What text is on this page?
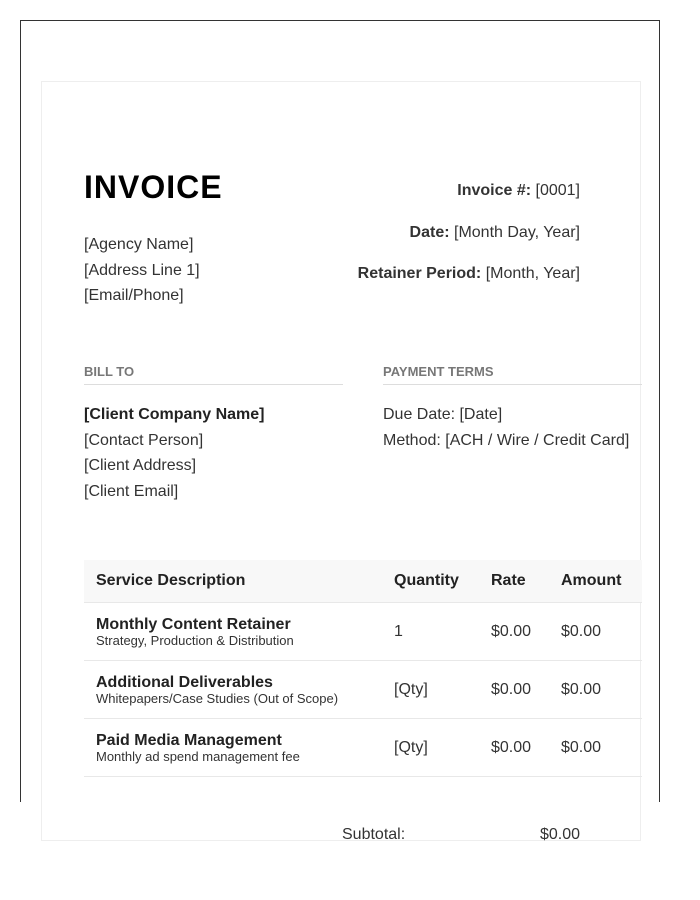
INVOICE
[Agency Name]
[Address Line 1]
[Email/Phone]
Invoice #: [0001]
Date: [Month Day, Year]
Retainer Period: [Month, Year]
BILL TO
[Client Company Name]
[Contact Person]
[Client Address]
[Client Email]
PAYMENT TERMS
Due Date: [Date]
Method: [ACH / Wire / Credit Card]
Service Description	Quantity	Rate	Amount

Monthly Content Retainer
Strategy, Production & Distribution	1	$0.00	$0.00

Additional Deliverables
Whitepapers/Case Studies (Out of Scope)	[Qty]	$0.00	$0.00

Paid Media Management
Monthly ad spend management fee	[Qty]	$0.00	$0.00
Subtotal:	$0.00
